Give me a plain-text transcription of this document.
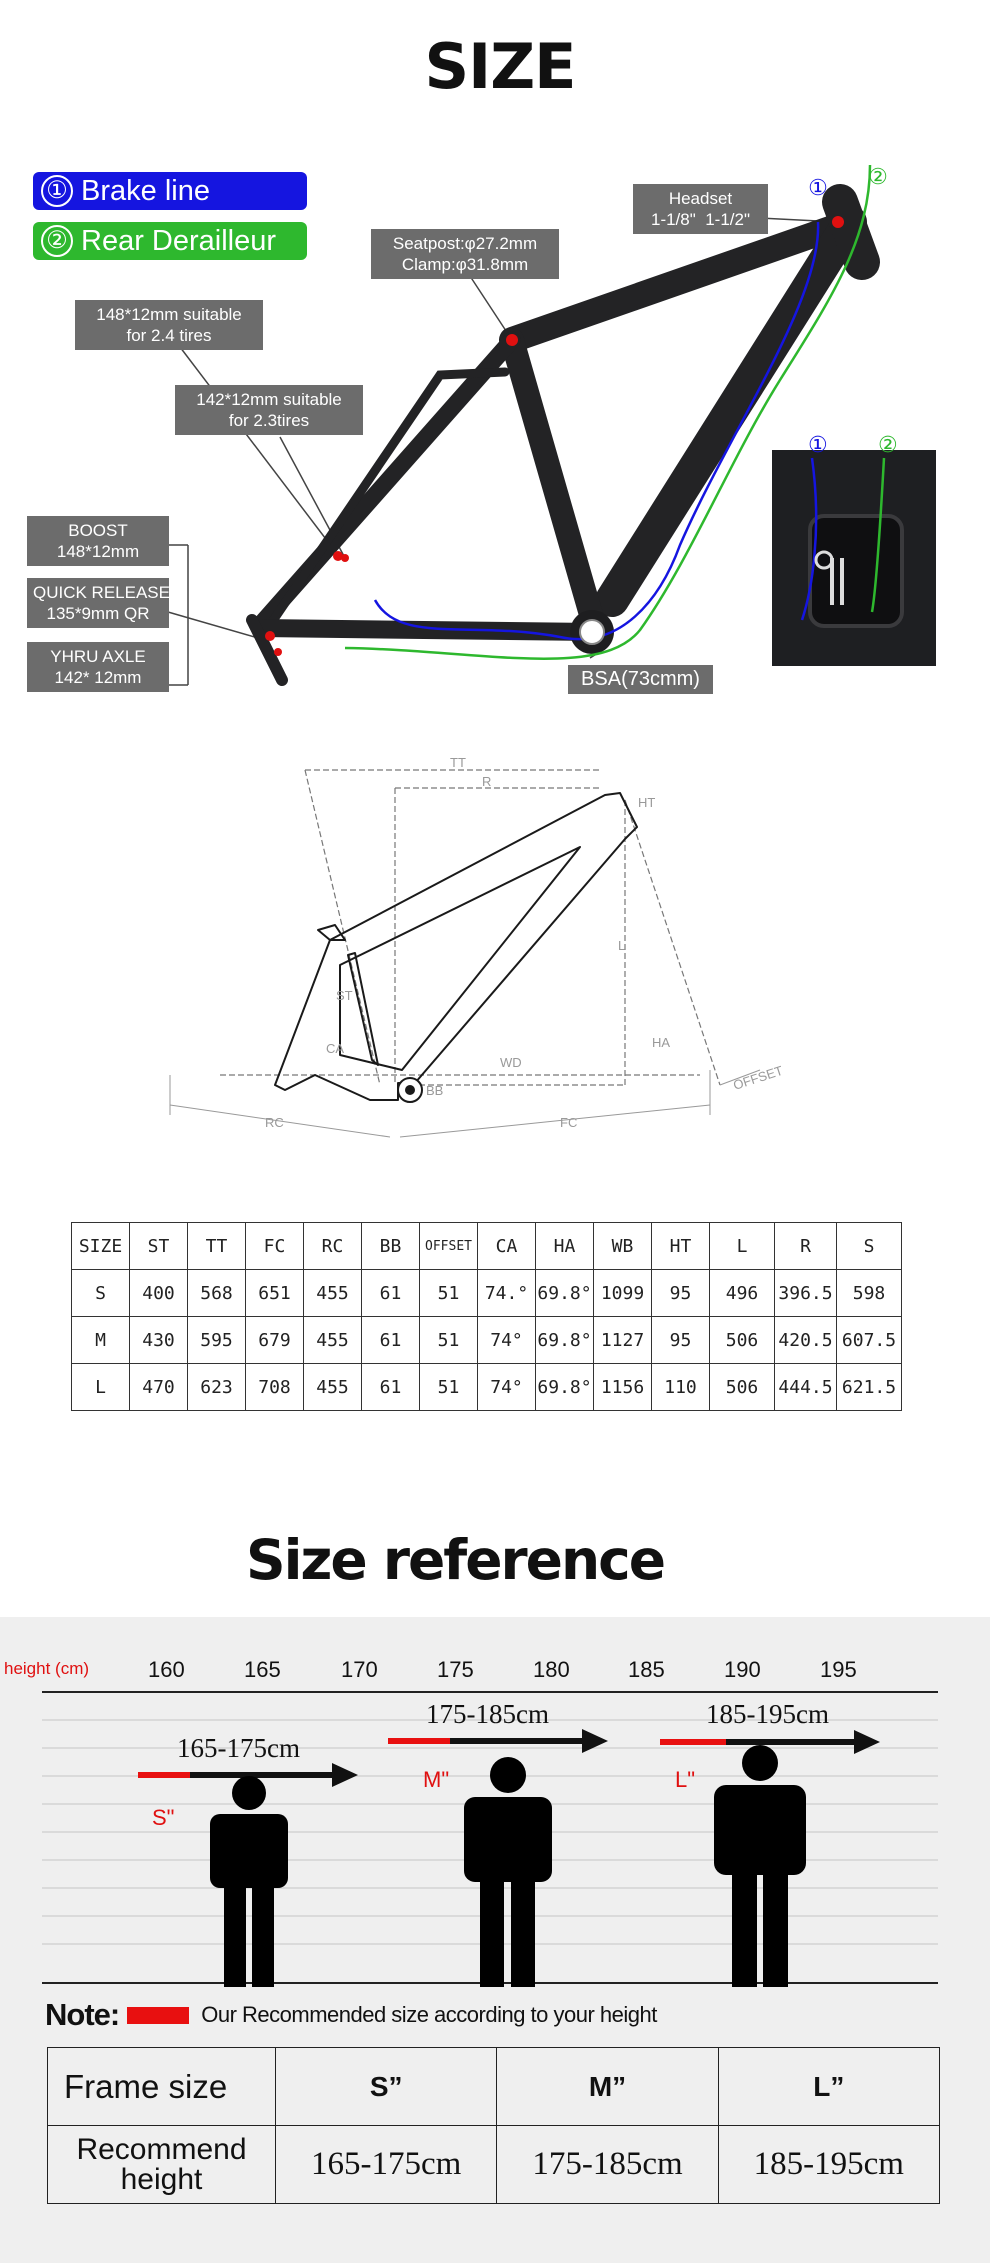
SIZE
① Brake line
② Rear Derailleur
① ②
① ②
Headset
1-1/8"  1-1/2"
Seatpost:φ27.2mm
Clamp:φ31.8mm
148*12mm suitable
for 2.4 tires
142*12mm suitable
for 2.3tires
BOOST
148*12mm
QUICK RELEASE
135*9mm QR
YHRU AXLE
142* 12mm	BSA(73cmm)
TT
R
HT
L
ST
CA	HA
WD
BB
RC	FC
OFFSET
SIZE	ST	TT	FC	RC	BB	OFFSET	CA	HA	WB	HT	L	R	S
S	400	568	651	455	61	51	74.°	69.8°	1099	95	496	396.5	598
M	430	595	679	455	61	51	74°	69.8°	1127	95	506	420.5	607.5
L	470	623	708	455	61	51	74°	69.8°	1156	110	506	444.5	621.5
Size reference
height (cm)	160	165	170	175	180	185	190	195
165-175cm
175-185cm	185-195cm
S"
M"	L"
Note:	Our Recommended size according to your height
Frame size	S”	M”	L”
Recommend
height	165-175cm	175-185cm	185-195cm
